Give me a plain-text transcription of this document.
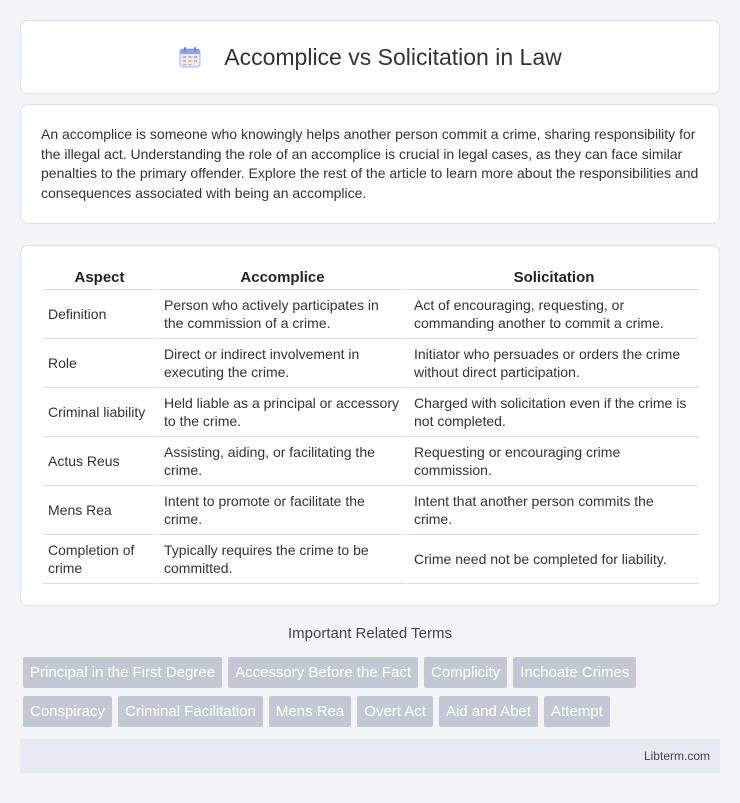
Accomplice vs Solicitation in Law

An accomplice is someone who knowingly helps another person commit a crime, sharing responsibility for the illegal act. Understanding the role of an accomplice is crucial in legal cases, as they can face similar penalties to the primary offender. Explore the rest of the article to learn more about the responsibilities and consequences associated with being an accomplice.

Aspect	Accomplice	Solicitation
Definition	Person who actively participates in the commission of a crime.	Act of encouraging, requesting, or commanding another to commit a crime.
Role	Direct or indirect involvement in executing the crime.	Initiator who persuades or orders the crime without direct participation.
Criminal liability	Held liable as a principal or accessory to the crime.	Charged with solicitation even if the crime is not completed.
Actus Reus	Assisting, aiding, or facilitating the crime.	Requesting or encouraging crime commission.
Mens Rea	Intent to promote or facilitate the crime.	Intent that another person commits the crime.
Completion of crime	Typically requires the crime to be committed.	Crime need not be completed for liability.
Important Related Terms
Principal in the First Degree	Accessory Before the Fact	Complicity	Inchoate Crimes
Conspiracy	Criminal Facilitation	Mens Rea	Overt Act	Aid and Abet	Attempt
Libterm.com
